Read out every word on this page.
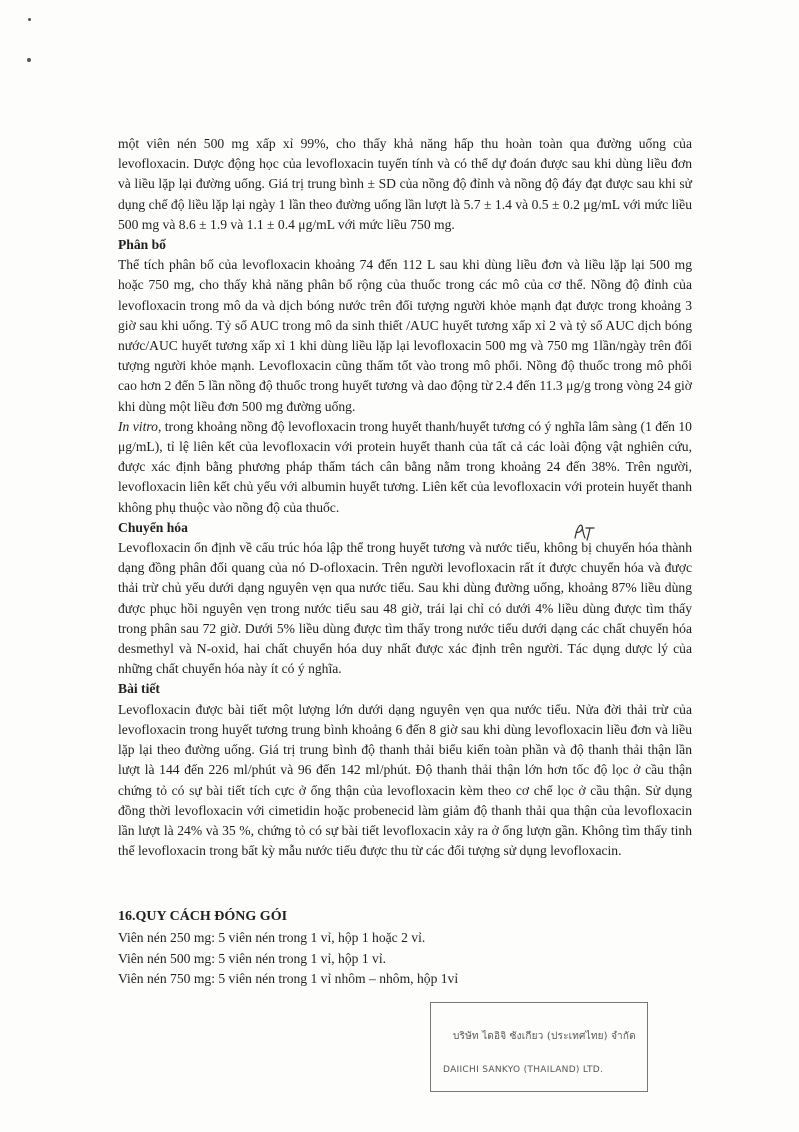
một viên nén 500 mg xấp xỉ 99%, cho thấy khả năng hấp thu hoàn toàn qua đường uống của levofloxacin. Dược động học của levofloxacin tuyến tính và có thể dự đoán được sau khi dùng liều đơn và liều lặp lại đường uống. Giá trị trung bình ± SD của nồng độ đỉnh và nồng độ đáy đạt được sau khi sử dụng chế độ liều lặp lại ngày 1 lần theo đường uống lần lượt là 5.7 ± 1.4 và 0.5 ± 0.2 μg/mL với mức liều 500 mg và 8.6 ± 1.9 và 1.1 ± 0.4 μg/mL với mức liều 750 mg.

Phân bố

Thể tích phân bố của levofloxacin khoảng 74 đến 112 L sau khi dùng liều đơn và liều lặp lại 500 mg hoặc 750 mg, cho thấy khả năng phân bố rộng của thuốc trong các mô của cơ thể. Nồng độ đỉnh của levofloxacin trong mô da và dịch bóng nước trên đối tượng người khỏe mạnh đạt được trong khoảng 3 giờ sau khi uống. Tỷ số AUC trong mô da sinh thiết /AUC huyết tương xấp xỉ 2 và tỷ số AUC dịch bóng nước/AUC huyết tương xấp xỉ 1 khi dùng liều lặp lại levofloxacin 500 mg và 750 mg 1lần/ngày trên đối tượng người khỏe mạnh. Levofloxacin cũng thấm tốt vào trong mô phổi. Nồng độ thuốc trong mô phổi cao hơn 2 đến 5 lần nồng độ thuốc trong huyết tương và dao động từ 2.4 đến 11.3 μg/g trong vòng 24 giờ khi dùng một liều đơn 500 mg đường uống.

In vitro, trong khoảng nồng độ levofloxacin trong huyết thanh/huyết tương có ý nghĩa lâm sàng (1 đến 10 μg/mL), tỉ lệ liên kết của levofloxacin với protein huyết thanh của tất cả các loài động vật nghiên cứu, được xác định bằng phương pháp thẩm tách cân bằng nằm trong khoảng 24 đến 38%. Trên người, levofloxacin liên kết chủ yếu với albumin huyết tương. Liên kết của levofloxacin với protein huyết thanh không phụ thuộc vào nồng độ của thuốc.

Chuyển hóa

Levofloxacin ổn định về cấu trúc hóa lập thể trong huyết tương và nước tiểu, không bị chuyển hóa thành dạng đồng phân đối quang của nó D-ofloxacin. Trên người levofloxacin rất ít được chuyển hóa và được thải trừ chủ yếu dưới dạng nguyên vẹn qua nước tiểu. Sau khi dùng đường uống, khoảng 87% liều dùng được phục hồi nguyên vẹn trong nước tiểu sau 48 giờ, trái lại chỉ có dưới 4% liều dùng được tìm thấy trong phân sau 72 giờ. Dưới 5% liều dùng được tìm thấy trong nước tiểu dưới dạng các chất chuyển hóa desmethyl và N-oxid, hai chất chuyển hóa duy nhất được xác định trên người. Tác dụng dược lý của những chất chuyển hóa này ít có ý nghĩa.

Bài tiết

Levofloxacin được bài tiết một lượng lớn dưới dạng nguyên vẹn qua nước tiểu. Nửa đời thải trừ của levofloxacin trong huyết tương trung bình khoảng 6 đến 8 giờ sau khi dùng levofloxacin liều đơn và liều lặp lại theo đường uống. Giá trị trung bình độ thanh thải biểu kiến toàn phần và độ thanh thải thận lần lượt là 144 đến 226 ml/phút và 96 đến 142 ml/phút. Độ thanh thải thận lớn hơn tốc độ lọc ở cầu thận chứng tỏ có sự bài tiết tích cực ở ống thận của levofloxacin kèm theo cơ chế lọc ở cầu thận. Sử dụng đồng thời levofloxacin với cimetidin hoặc probenecid làm giảm độ thanh thải qua thận của levofloxacin lần lượt là 24% và 35 %, chứng tỏ có sự bài tiết levofloxacin xảy ra ở ống lượn gần. Không tìm thấy tinh thể levofloxacin trong bất kỳ mẫu nước tiểu được thu từ các đối tượng sử dụng levofloxacin.

16.QUY CÁCH ĐÓNG GÓI

Viên nén 250 mg: 5 viên nén trong 1 vỉ, hộp 1 hoặc 2 vỉ.

Viên nén 500 mg: 5 viên nén trong 1 vỉ, hộp 1 vỉ.

Viên nén 750 mg: 5 viên nén trong 1 vỉ nhôm – nhôm, hộp 1vỉ

บริษัท ไดอิจิ ซังเกียว (ประเทศไทย) จำกัด
DAIICHI SANKYO (THAILAND) LTD.
